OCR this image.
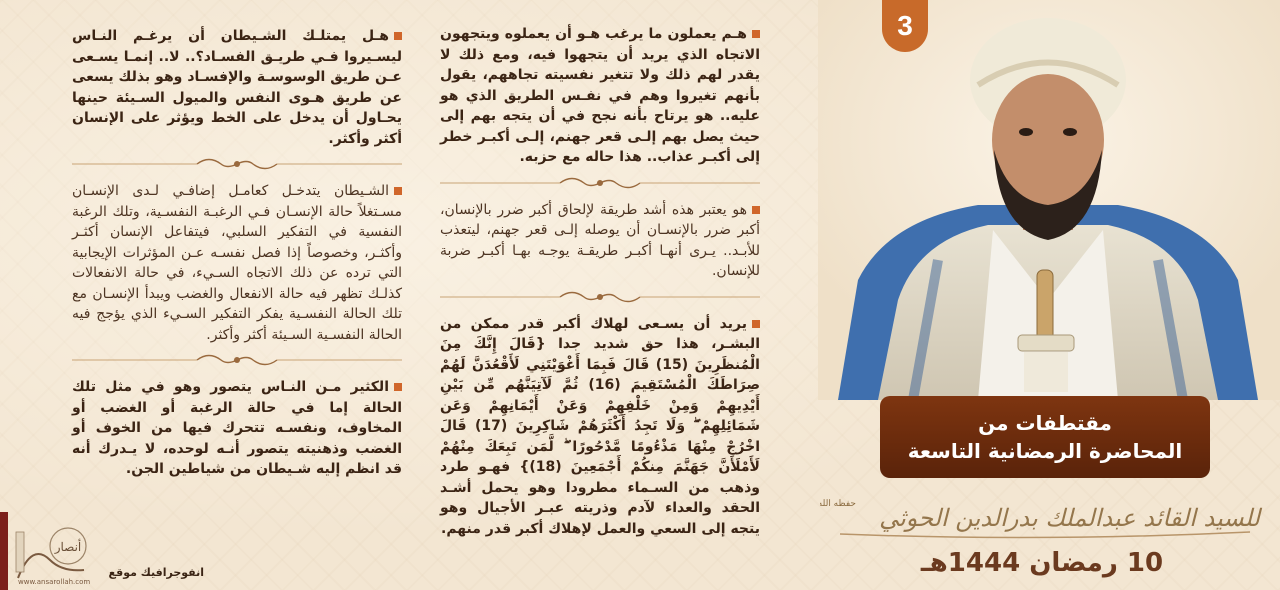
هـم يعملون ما يرغب هـو أن يعملوه ويتجهون الاتجاه الذي يريد أن يتجهوا فيه، ومع ذلك لا يقدر لهم ذلك ولا تتغير نفسيته تجاههم، يقول بأنهم تغيروا وهم في نفـس الطريق الذي هو عليه.. هو يرتاح بأنه نجح في أن يتجه بهم إلى حيث يصل بهم إلـى قعر جهنم، إلـى أكبـر خطر إلى أكبـر عذاب.. هذا حاله مع حزبه.

هو يعتبر هذه أشد طريقة لإلحاق أكبر ضرر بالإنسان، أكبر ضرر بالإنسـان أن يوصله إلـى قعر جهنم، ليتعذب للأبـد.. يـرى أنهـا أكبـر طريقـة يوجـه بهـا أكبـر ضربة للإنسان.

يريد أن يسـعى لهلاك أكبر قدر ممكن من البشـر، هذا حق شديد جدا {قَالَ إِنَّكَ مِنَ الْمُنظَرِينَ (15) قَالَ فَبِمَا أَغْوَيْتَنِي لَأَقْعُدَنَّ لَهُمْ صِرَاطَكَ الْمُسْتَقِيمَ (16) ثُمَّ لَآتِيَنَّهُم مِّن بَيْنِ أَيْدِيهِمْ وَمِنْ خَلْفِهِمْ وَعَنْ أَيْمَانِهِمْ وَعَن شَمَائِلِهِمْ ۖ وَلَا تَجِدُ أَكْثَرَهُمْ شَاكِرِينَ (17) قَالَ اخْرُجْ مِنْهَا مَذْءُومًا مَّدْحُورًا ۖ لَّمَن تَبِعَكَ مِنْهُمْ لَأَمْلَأَنَّ جَهَنَّمَ مِنكُمْ أَجْمَعِينَ (18)} فهـو طرد وذهب من السـماء مطرودا وهو يحمل أشـد الحقد والعداء لآدم وذريته عبـر الأجيال وهو يتجه إلى السعي والعمل لإهلاك أكبر قدر منهم.

هـل يمتلـك الشـيطان أن يرغـم النـاس ليسـيروا فـي طريـق الفسـاد؟.. لا.. إنمـا يسـعى عـن طريق الوسوسـة والإفسـاد وهو بذلك يسعى عن طريق هـوى النفس والميول السـيئة حينها يحـاول أن يدخل على الخط ويؤثر على الإنسان أكثر وأكثر.

الشـيطان يتدخـل كعامـل إضافـي لـدى الإنسـان مسـتغلاً حالة الإنسـان فـي الرغبـة النفسـية، وتلك الرغبة النفسية في التفكير السلبي، فيتفاعل الإنسان أكثـر وأكثـر، وخصوصاً إذا فصل نفسـه عـن المؤثرات الإيجابية التي ترده عن ذلك الاتجاه السـيء، في حالة الانفعالات كذلـك تظهر فيه حالة الانفعال والغضب ويبدأ الإنسـان مع تلك الحالة النفسـية يفكر التفكير السـيء الذي يؤجج فيه الحالة النفسـية السـيئة أكثر وأكثر.

الكثير مـن النـاس يتصور وهو في مثل تلك الحالة إما في حالة الرغبة أو الغضب أو المخاوف، ونفسـه تتحرك فيها من الخوف أو الغضب وذهنيته يتصور أنـه لوحده، لا يـدرك أنه قد انظم إليه شـيطان من شياطين الجن.

3
مقتطفات من
المحاضرة الرمضانية التاسعة
للسيد القائد عبدالملك بدرالدين الحوثي
حفظه الله
10 رمضان 1444هـ
انفوجرافيك موقع
أنصار
www.ansarollah.com
